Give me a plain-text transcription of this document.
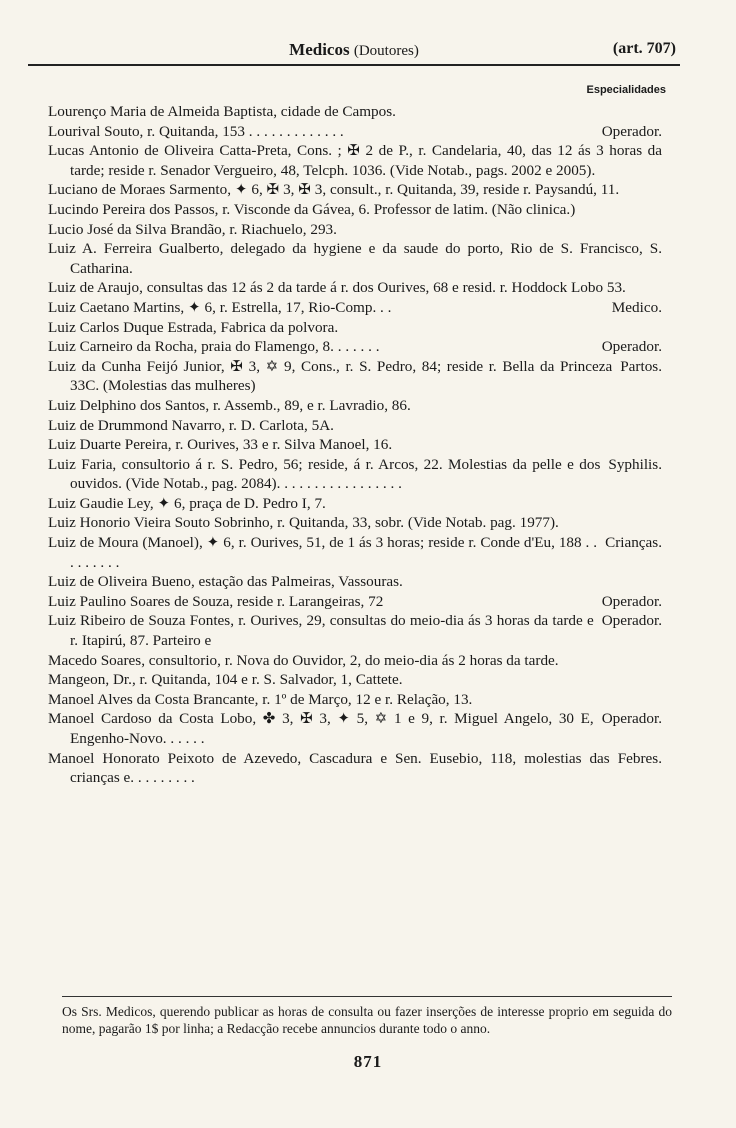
Medicos (Doutores)	(art. 707)
Especialidades
Lourenço Maria de Almeida Baptista, cidade de Campos.
Operador.
Lourival Souto, r. Quitanda, 153 . . . . . . . . . . . . .
Lucas Antonio de Oliveira Catta-Preta, Cons. ; ✠ 2 de P., r. Candelaria, 40, das 12 ás 3 horas da tarde; reside r. Senador Vergueiro, 48, Telcph. 1036. (Vide Notab., pags. 2002 e 2005).
Luciano de Moraes Sarmento, ✦ 6, ✠ 3, ✠ 3, consult., r. Quitanda, 39, reside r. Paysandú, 11.
Lucindo Pereira dos Passos, r. Visconde da Gávea, 6. Professor de latim. (Não clinica.)
Lucio José da Silva Brandão, r. Riachuelo, 293.
Luiz A. Ferreira Gualberto, delegado da hygiene e da saude do porto, Rio de S. Francisco, S. Catharina.
Luiz de Araujo, consultas das 12 ás 2 da tarde á r. dos Ourives, 68 e resid. r. Hoddock Lobo 53.
Medico.
Luiz Caetano Martins, ✦ 6, r. Estrella, 17, Rio-Comp. . .
Luiz Carlos Duque Estrada, Fabrica da polvora.
Operador.
Luiz Carneiro da Rocha, praia do Flamengo, 8. . . . . . .
Partos.
Luiz da Cunha Feijó Junior, ✠ 3, ✡ 9, Cons., r. S. Pedro, 84; reside r. Bella da Princeza 33C. (Molestias das mulheres)
Luiz Delphino dos Santos, r. Assemb., 89, e r. Lavradio, 86.
Luiz de Drummond Navarro, r. D. Carlota, 5A.
Luiz Duarte Pereira, r. Ourives, 33 e r. Silva Manoel, 16.
Syphilis.
Luiz Faria, consultorio á r. S. Pedro, 56; reside, á r. Arcos, 22. Molestias da pelle e dos ouvidos. (Vide Notab., pag. 2084). . . . . . . . . . . . . . . . .
Luiz Gaudie Ley, ✦ 6, praça de D. Pedro I, 7.
Luiz Honorio Vieira Souto Sobrinho, r. Quitanda, 33, sobr. (Vide Notab. pag. 1977).
Crianças.
Luiz de Moura (Manoel), ✦ 6, r. Ourives, 51, de 1 ás 3 horas; reside r. Conde d'Eu, 188 . . . . . . . . .
Luiz de Oliveira Bueno, estação das Palmeiras, Vassouras.
Operador.
Luiz Paulino Soares de Souza, reside r. Larangeiras, 72
Operador.
Luiz Ribeiro de Souza Fontes, r. Ourives, 29, consultas do meio-dia ás 3 horas da tarde e r. Itapirú, 87. Parteiro e
Macedo Soares, consultorio, r. Nova do Ouvidor, 2, do meio-dia ás 2 horas da tarde.
Mangeon, Dr., r. Quitanda, 104 e r. S. Salvador, 1, Cattete.
Manoel Alves da Costa Brancante, r. 1º de Março, 12 e r. Relação, 13.
Operador.
Manoel Cardoso da Costa Lobo, ✤ 3, ✠ 3, ✦ 5, ✡ 1 e 9, r. Miguel Angelo, 30 E, Engenho-Novo. . . . . .
Febres.
Manoel Honorato Peixoto de Azevedo, Cascadura e Sen. Eusebio, 118, molestias das crianças e. . . . . . . . .
Os Srs. Medicos, querendo publicar as horas de consulta ou fazer inserções de interesse proprio em seguida do nome, pagarão 1$ por linha; a Redacção recebe annuncios durante todo o anno.
871
